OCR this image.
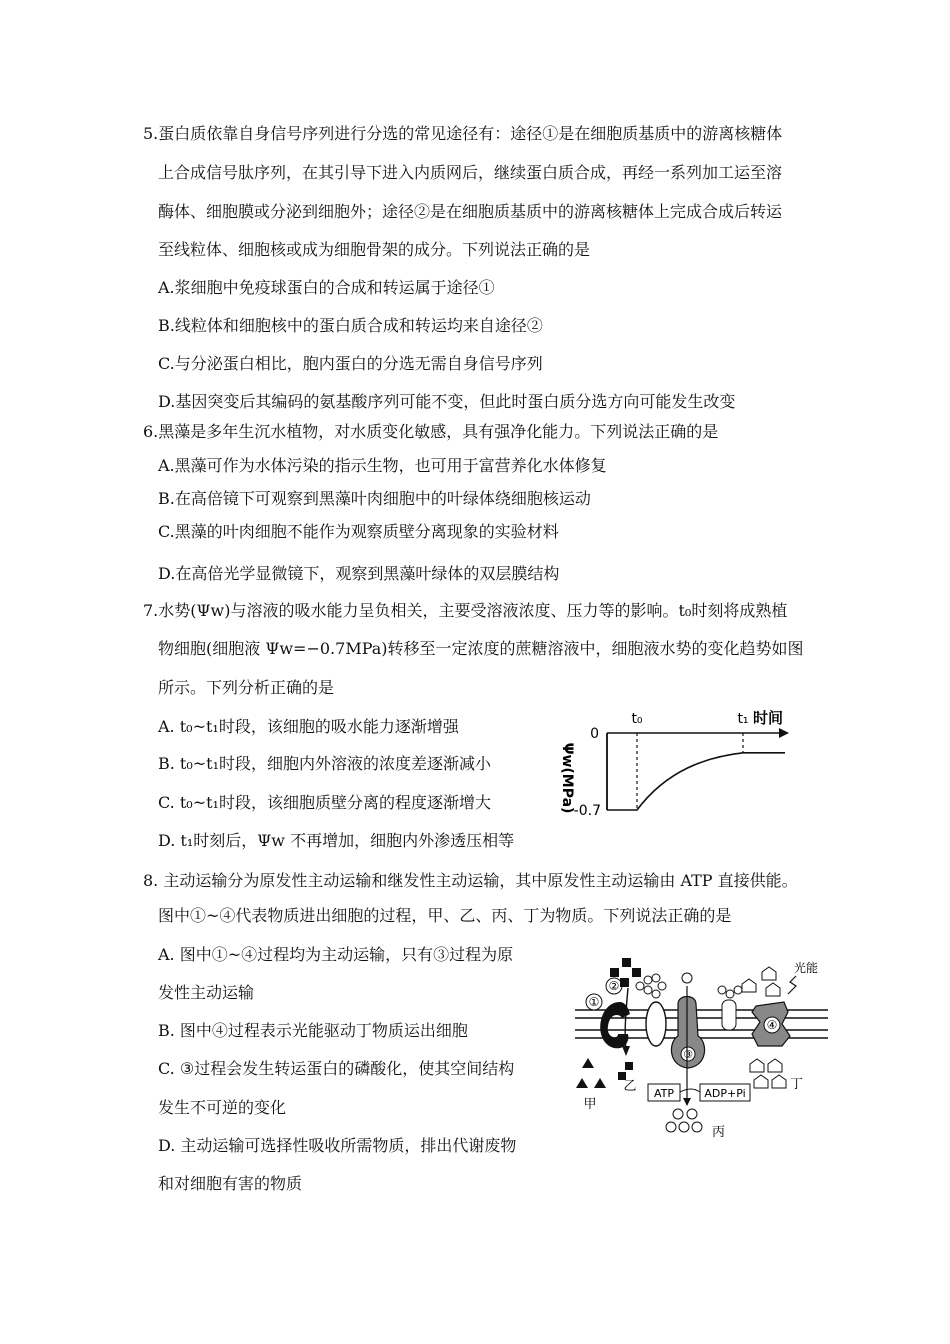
5.蛋白质依靠自身信号序列进行分选的常见途径有：途径①是在细胞质基质中的游离核糖体

上合成信号肽序列，在其引导下进入内质网后，继续蛋白质合成，再经一系列加工运至溶

酶体、细胞膜或分泌到细胞外；途径②是在细胞质基质中的游离核糖体上完成合成后转运

至线粒体、细胞核或成为细胞骨架的成分。下列说法正确的是

A.浆细胞中免疫球蛋白的合成和转运属于途径①

B.线粒体和细胞核中的蛋白质合成和转运均来自途径②

C.与分泌蛋白相比，胞内蛋白的分选无需自身信号序列

D.基因突变后其编码的氨基酸序列可能不变，但此时蛋白质分选方向可能发生改变

6.黑藻是多年生沉水植物，对水质变化敏感，具有强净化能力。下列说法正确的是

A.黑藻可作为水体污染的指示生物，也可用于富营养化水体修复

B.在高倍镜下可观察到黑藻叶肉细胞中的叶绿体绕细胞核运动

C.黑藻的叶肉细胞不能作为观察质壁分离现象的实验材料

D.在高倍光学显微镜下，观察到黑藻叶绿体的双层膜结构

7.水势(Ψw)与溶液的吸水能力呈负相关，主要受溶液浓度、压力等的影响。t₀时刻将成熟植

物细胞(细胞液 Ψw=−0.7MPa)转移至一定浓度的蔗糖溶液中，细胞液水势的变化趋势如图

所示。下列分析正确的是

A. t₀~t₁时段，该细胞的吸水能力逐渐增强

B. t₀~t₁时段，细胞内外溶液的浓度差逐渐减小

C. t₀~t₁时段，该细胞质壁分离的程度逐渐增大

D. t₁时刻后，Ψw 不再增加，细胞内外渗透压相等

t₀	t₁ 时间
0
-0.7
Ψw(MPa)

8. 主动运输分为原发性主动运输和继发性主动运输，其中原发性主动运输由 ATP 直接供能。

图中①~④代表物质进出细胞的过程，甲、乙、丙、丁为物质。下列说法正确的是

A. 图中①~④过程均为主动运输，只有③过程为原

发性主动运输

B. 图中④过程表示光能驱动丁物质运出细胞

C. ③过程会发生转运蛋白的磷酸化，使其空间结构

发生不可逆的变化

D. 主动运输可选择性吸收所需物质，排出代谢废物

和对细胞有害的物质

①
②
甲
乙
③
ATP	ADP+Pi
丙
④
光能
丁
